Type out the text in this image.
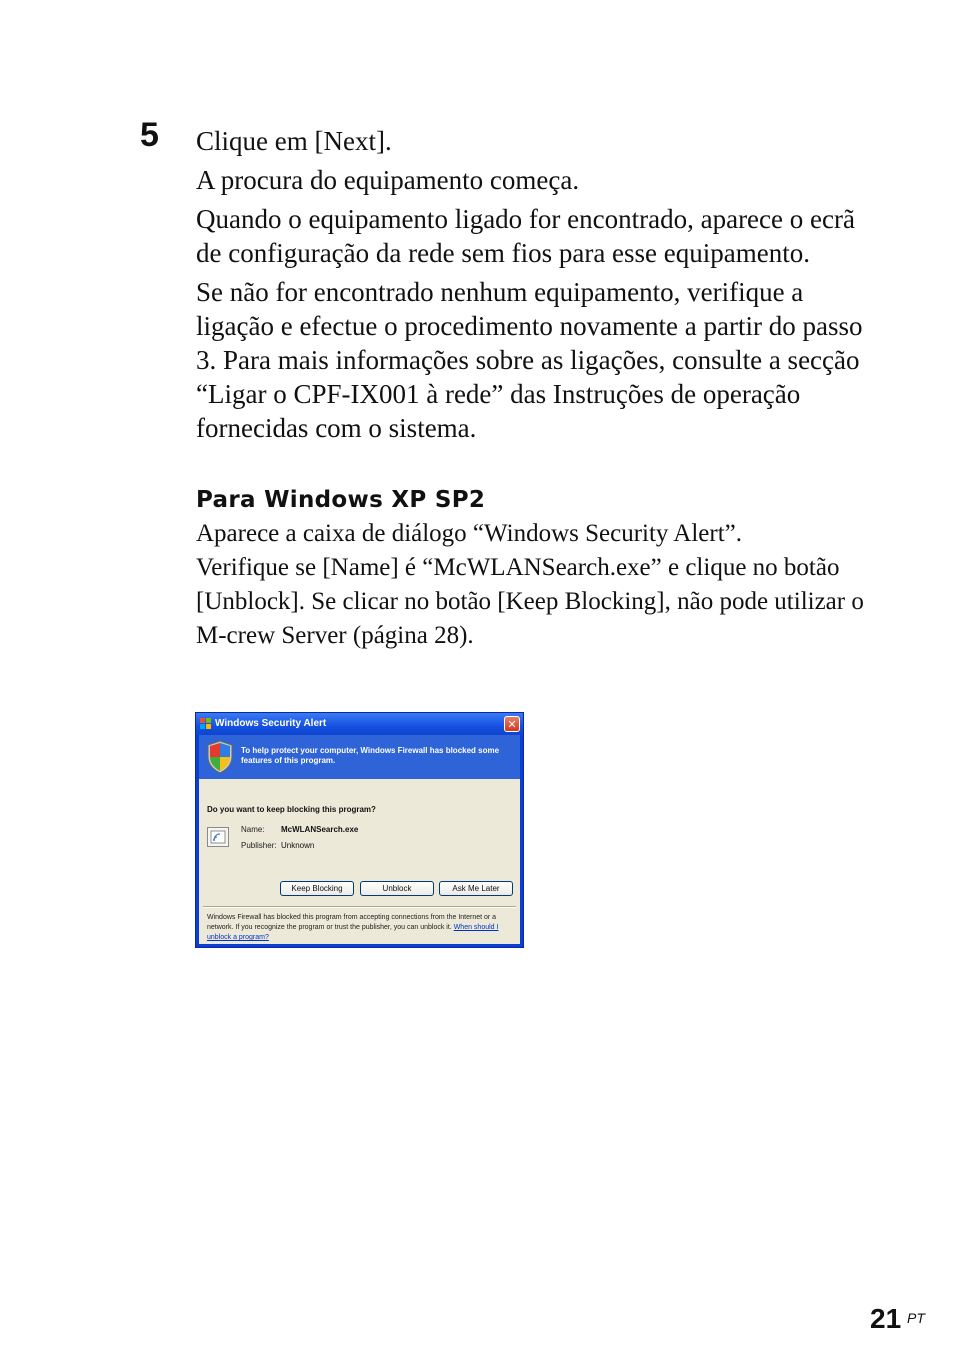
5 Clique em [Next].

A procura do equipamento começa.

Quando o equipamento ligado for encontrado, aparece o ecrã de configuração da rede sem fios para esse equipamento.

Se não for encontrado nenhum equipamento, verifique a ligação e efectue o procedimento novamente a partir do passo 3. Para mais informações sobre as ligações, consulte a secção “Ligar o CPF-IX001 à rede” das Instruções de operação fornecidas com o sistema.

Para Windows XP SP2

Aparece a caixa de diálogo “Windows Security Alert”.

Verifique se [Name] é “McWLANSearch.exe” e clique no botão [Unblock]. Se clicar no botão [Keep Blocking], não pode utilizar o M-crew Server (página 28).

Windows Security Alert	✕
To help protect your computer, Windows Firewall has blocked some features of this program.
Do you want to keep blocking this program?
Name: McWLANSearch.exe
Publisher: Unknown
Keep Blocking	Unblock	Ask Me Later
Windows Firewall has blocked this program from accepting connections from the Internet or a network. If you recognize the program or trust the publisher, you can unblock it. When should I unblock a program?
21 PT
